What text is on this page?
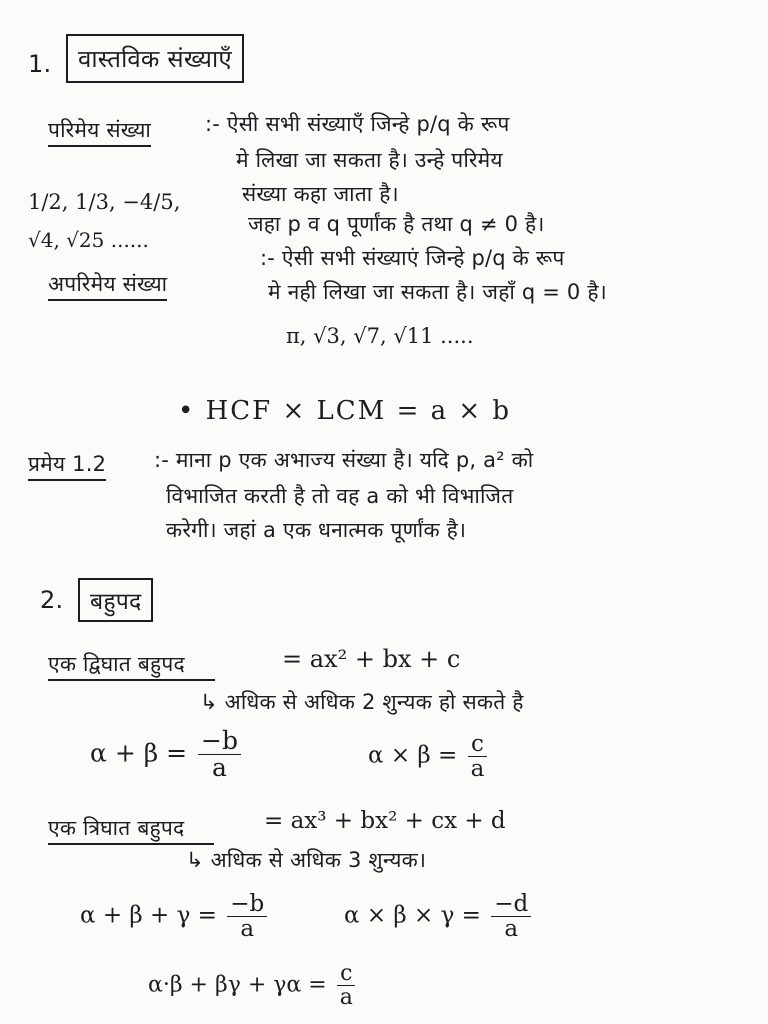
1.	वास्तविक संख्याएँ
परिमेय संख्या	:- ऐसी सभी संख्याएँ जिन्हे p/q के रूप
मे लिखा जा सकता है। उन्हे परिमेय
संख्या कहा जाता है।
जहा p व q पूर्णांक है तथा q ≠ 0 है।
1/2, 1/3, −4/5,
√4, √25 ......
अपरिमेय संख्या
:- ऐसी सभी संख्याएं जिन्हे p/q के रूप
मे नही लिखा जा सकता है। जहाँ q = 0 है।
π, √3, √7, √11 .....
• HCF × LCM = a × b
प्रमेय 1.2 :- माना p एक अभाज्य संख्या है। यदि p, a² को
विभाजित करती है तो वह a को भी विभाजित
करेगी। जहां a एक धनात्मक पूर्णांक है।
2.	बहुपद
एक द्विघात बहुपद	= ax² + bx + c
↳ अधिक से अधिक 2 शुन्यक हो सकते है
$\alpha + \beta = \frac{-b}{a}$	$\alpha \times \beta = \frac{c}{a}$
एक त्रिघात बहुपद	= ax³ + bx² + cx + d
↳ अधिक से अधिक 3 शुन्यक।
$\alpha + \beta + \gamma = \frac{-b}{a}$	$\alpha \times \beta \times \gamma = \frac{-d}{a}$
$\alpha\cdot\beta + \beta\gamma + \gamma\alpha = \frac{c}{a}$
